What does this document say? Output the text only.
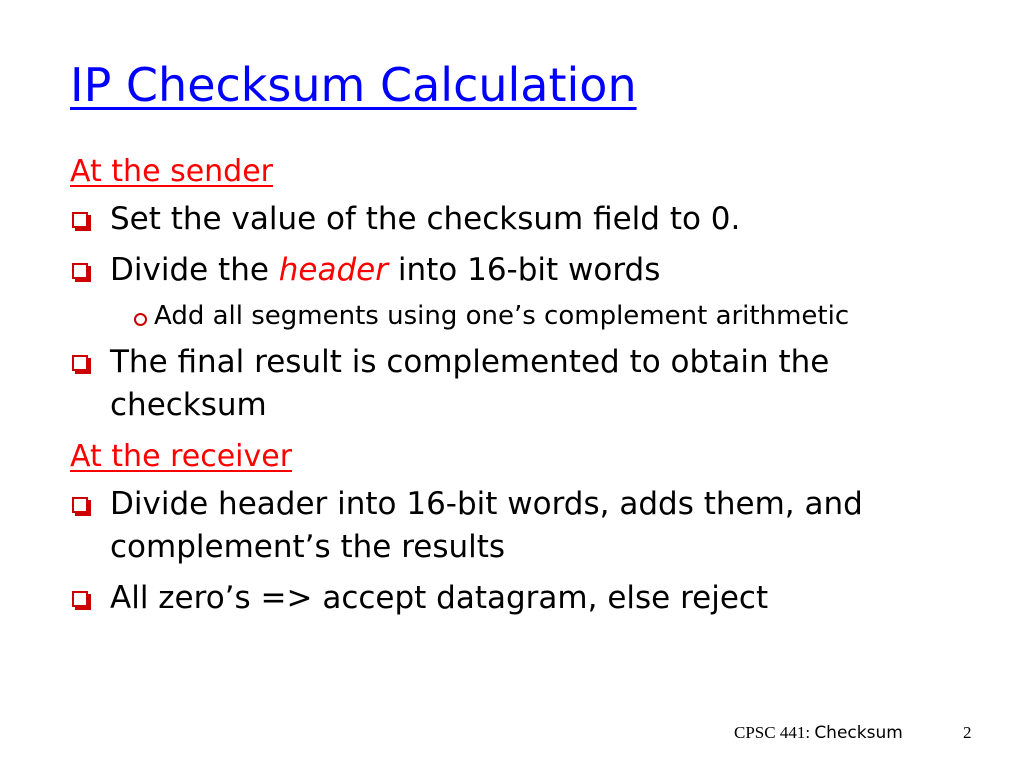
IP Checksum Calculation
At the sender
Set the value of the checksum field to 0.
Divide the header into 16-bit words
Add all segments using one’s complement arithmetic
The final result is complemented to obtain the checksum
At the receiver
Divide header into 16-bit words, adds them, and complement’s the results
All zero’s => accept datagram, else reject
CPSC 441: Checksum	2
